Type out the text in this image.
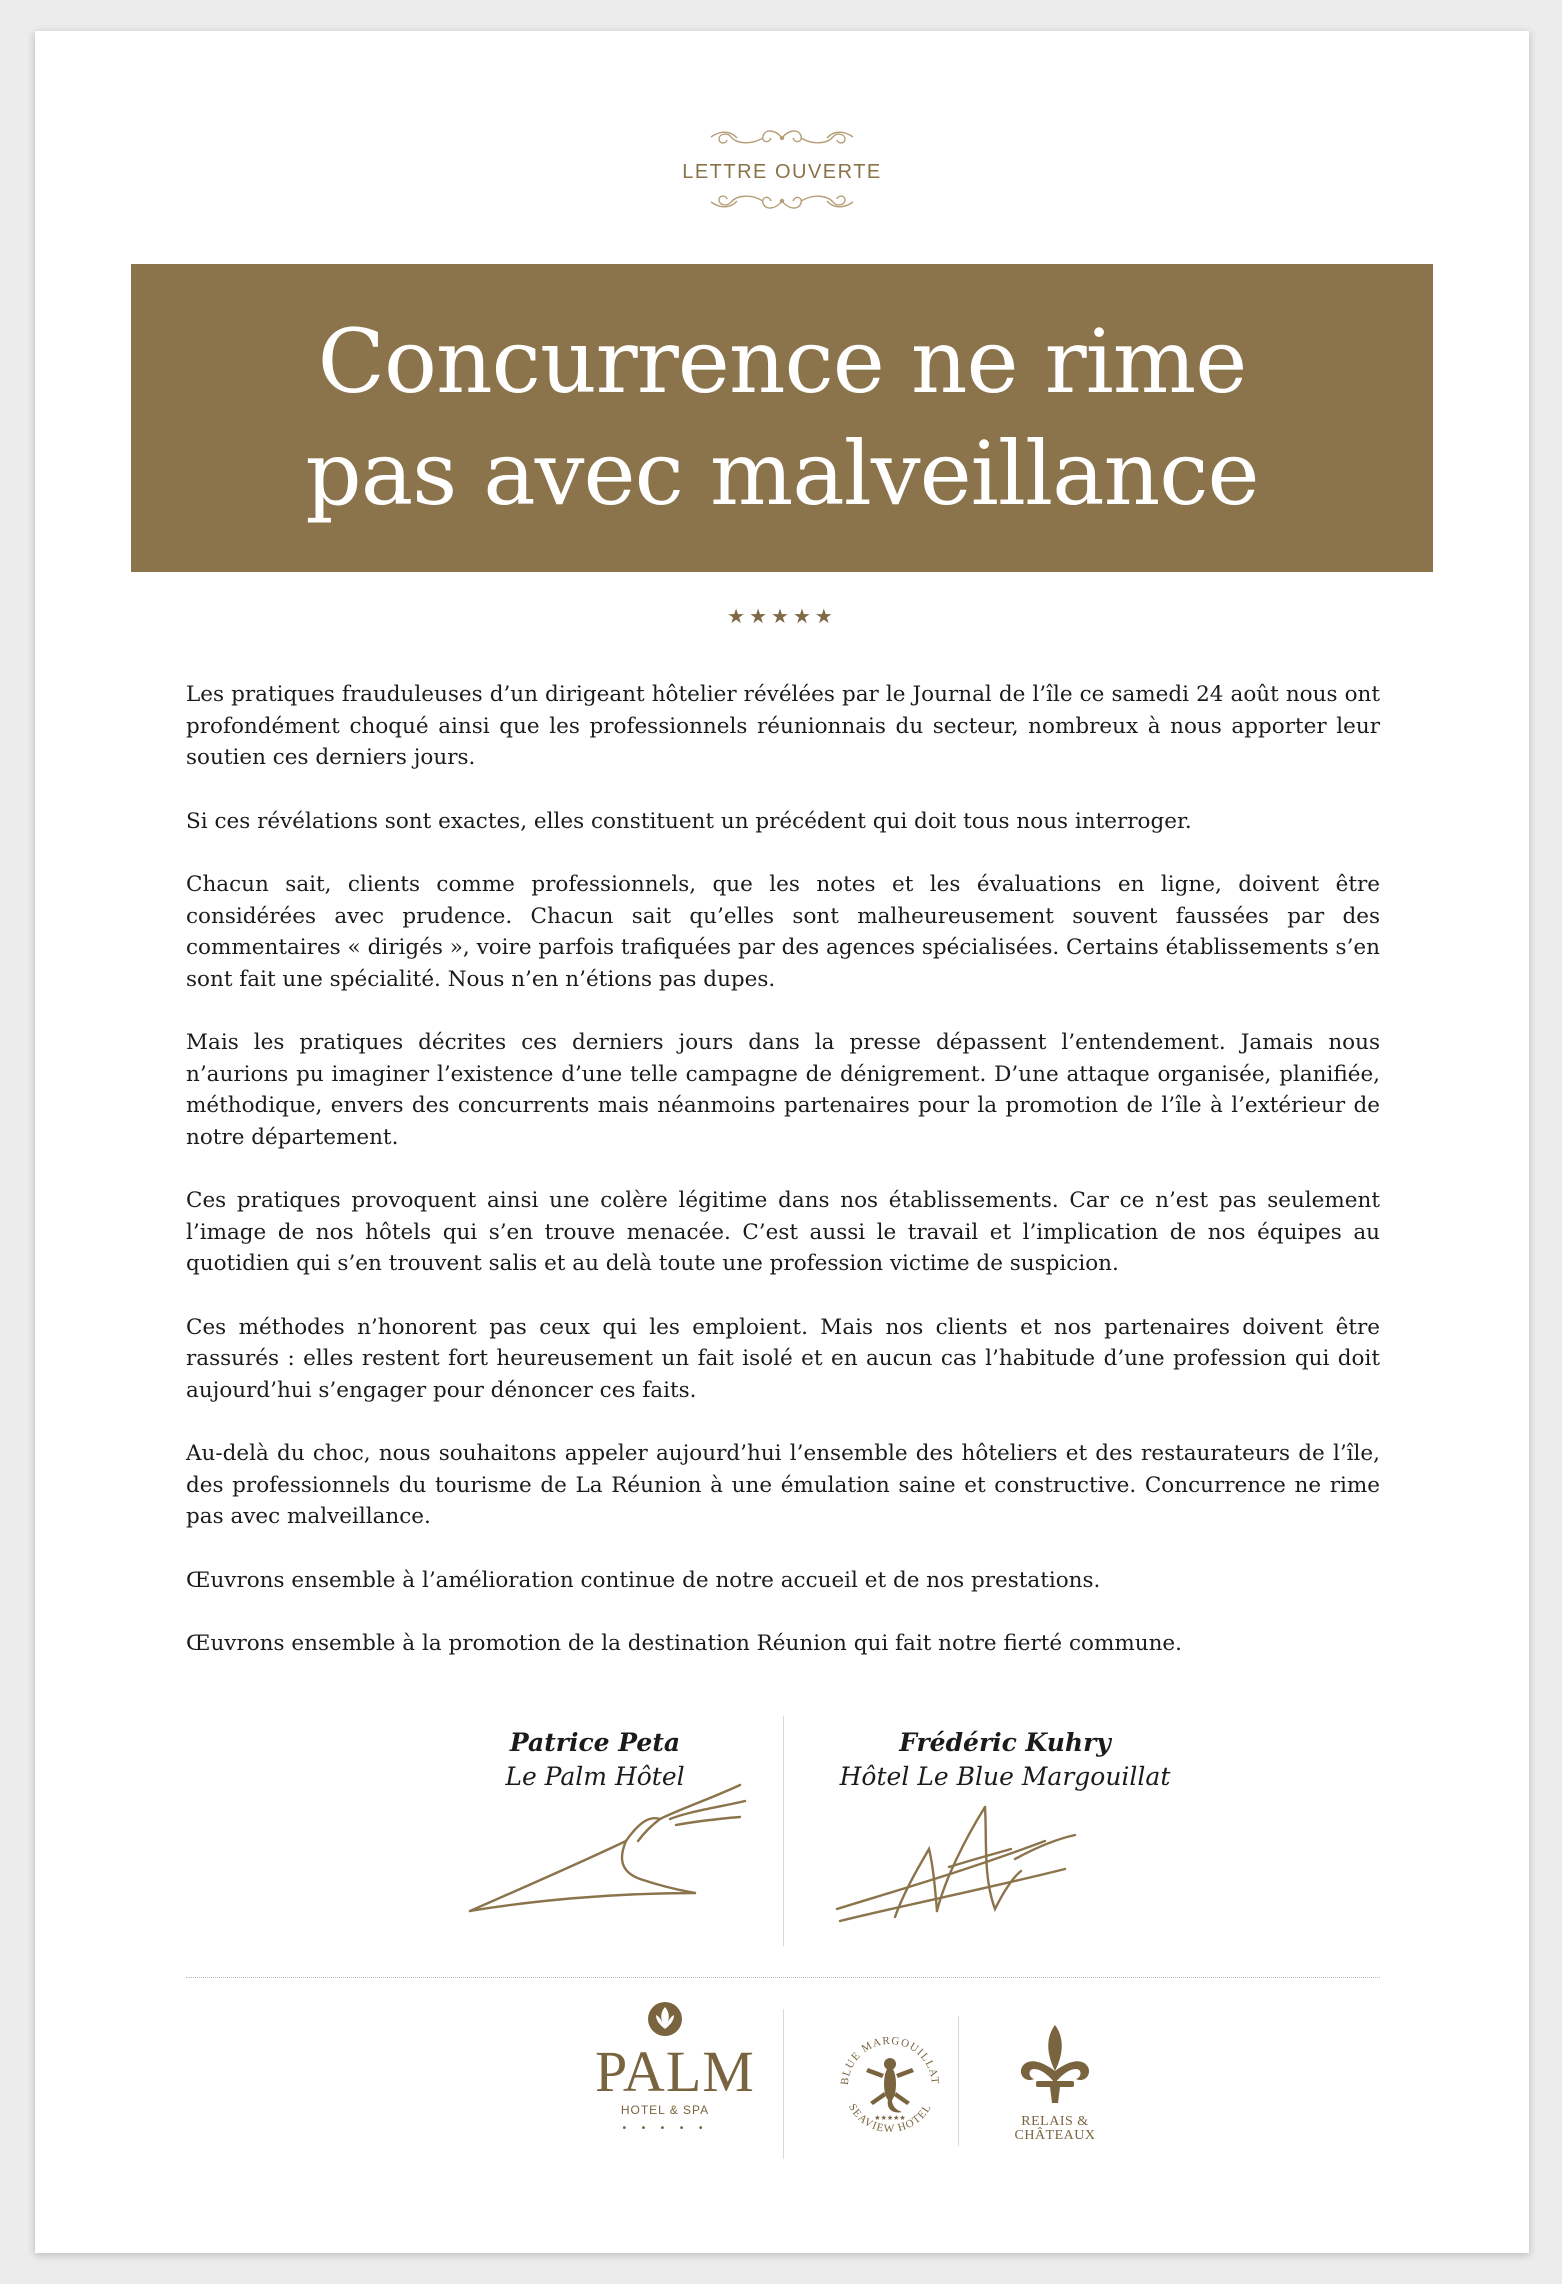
LETTRE OUVERTE
Concurrence ne rime
pas avec malveillance
★★★★★

Les pratiques frauduleuses d’un dirigeant hôtelier révélées par le Journal de l’île ce samedi 24 août nous ont profondément choqué ainsi que les professionnels réunionnais du secteur, nombreux à nous apporter leur soutien ces derniers jours.

Si ces révélations sont exactes, elles constituent un précédent qui doit tous nous interroger.

Chacun sait, clients comme professionnels, que les notes et les évaluations en ligne, doivent être considérées avec prudence. Chacun sait qu’elles sont malheureusement souvent faussées par des commentaires « dirigés », voire parfois trafiquées par des agences spécialisées. Certains établissements s’en sont fait une spécialité. Nous n’en n’étions pas dupes.

Mais les pratiques décrites ces derniers jours dans la presse dépassent l’entendement. Jamais nous n’aurions pu imaginer l’existence d’une telle campagne de dénigrement. D’une attaque organisée, planifiée, méthodique, envers des concurrents mais néanmoins partenaires pour la promotion de l’île à l’extérieur de notre département.

Ces pratiques provoquent ainsi une colère légitime dans nos établissements. Car ce n’est pas seulement l’image de nos hôtels qui s’en trouve menacée. C’est aussi le travail et l’implication de nos équipes au quotidien qui s’en trouvent salis et au delà toute une profession victime de suspicion.

Ces méthodes n’honorent pas ceux qui les emploient. Mais nos clients et nos partenaires doivent être rassurés : elles restent fort heureusement un fait isolé et en aucun cas l’habitude d’une profession qui doit aujourd’hui s’engager pour dénoncer ces faits.

Au-delà du choc, nous souhaitons appeler aujourd’hui l’ensemble des hôteliers et des restaurateurs de l’île, des professionnels du tourisme de La Réunion à une émulation saine et constructive. Concurrence ne rime pas avec malveillance.

Œuvrons ensemble à l’amélioration continue de notre accueil et de nos prestations.

Œuvrons ensemble à la promotion de la destination Réunion qui fait notre fierté commune.

Patrice Peta
Le Palm Hôtel
Frédéric Kuhry
Hôtel Le Blue Margouillat
PALM
HOTEL & SPA
• • • • •
BLUE MARGOUILLAT
SEAVIEW HOTEL
★★★★★	RELAIS &
CHÂTEAUX
